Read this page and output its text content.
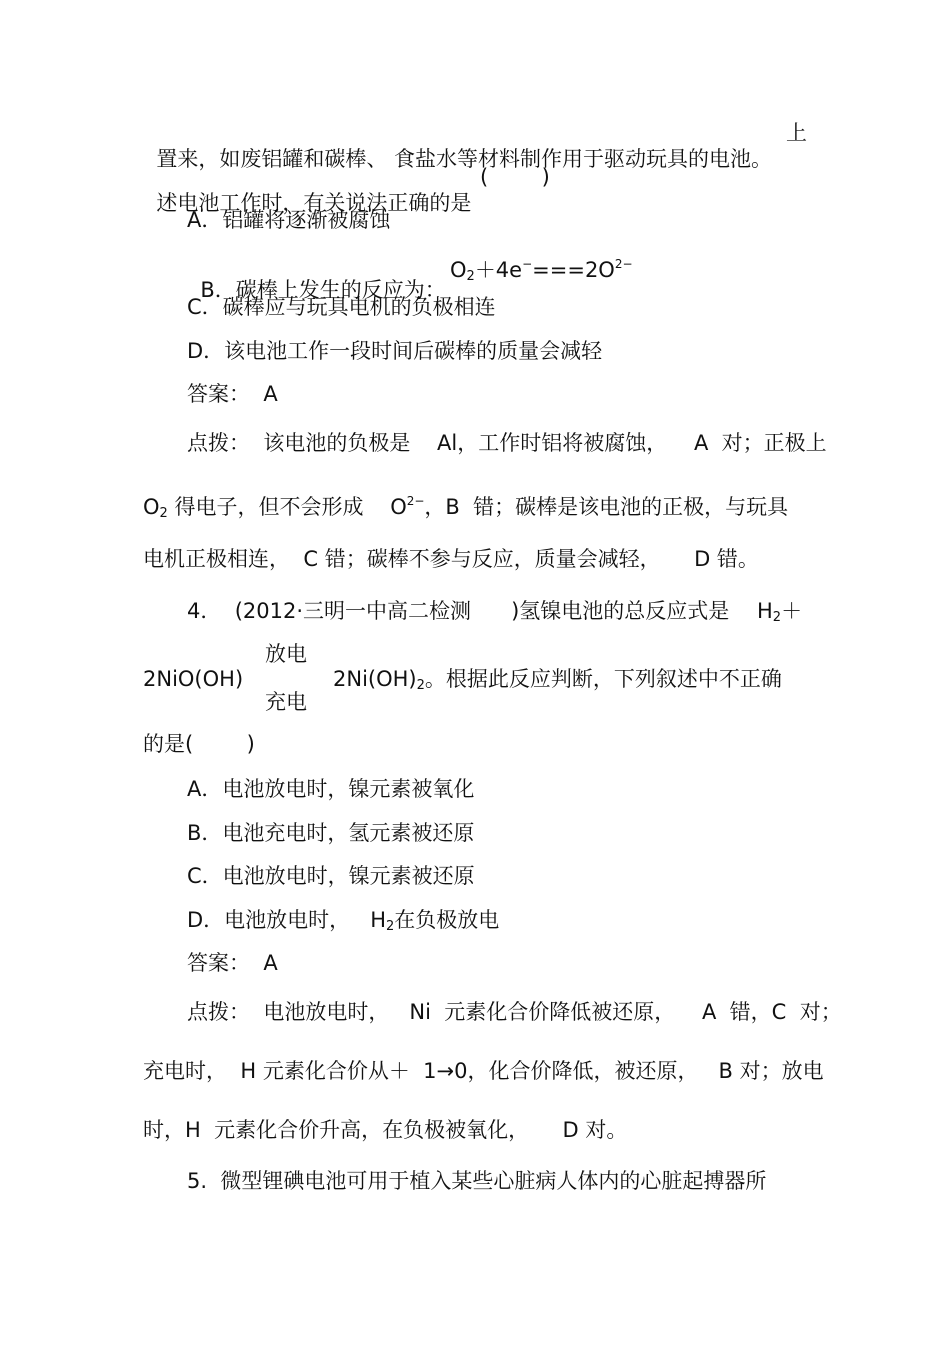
置来，如废铝罐和碳棒、 食盐水等材料制作用于驱动玩具的电池。

上

述电池工作时，有关说法正确的是

(        )
A．铝罐将逐渐被腐蚀

B．碳棒上发生的反应为：

$O_2+4e^-===2O^{2-}$
C．碳棒应与玩具电机的负极相连
D．该电池工作一段时间后碳棒的质量会减轻
答案：  A
点拨：  该电池的负极是    Al，工作时铝将被腐蚀，    A  对；正极上
$O_2$ 得电子，但不会形成    $O^{2-}$，B  错；碳棒是该电池的正极，与玩具
电机正极相连，  C 错；碳棒不参与反应，质量会减轻，     D 错。
4．  (2012·三明一中高二检测      )氢镍电池的总反应式是 $H_2+$
放电
2NiO(OH)	$2Ni(OH)_2$。根据此反应判断，下列叙述中不正确
充电
的是(        )
A．电池放电时，镍元素被氧化
B．电池充电时，氢元素被还原
C．电池放电时，镍元素被还原
D．电池放电时，   $H_2$在负极放电
答案：  A
点拨：  电池放电时，   Ni  元素化合价降低被还原，    A  错，C  对；
充电时，  H 元素化合价从＋  1→0，化合价降低，被还原，   B 对；放电
时，H  元素化合价升高，在负极被氧化，     D 对。
5.  微型锂碘电池可用于植入某些心脏病人体内的心脏起搏器所
